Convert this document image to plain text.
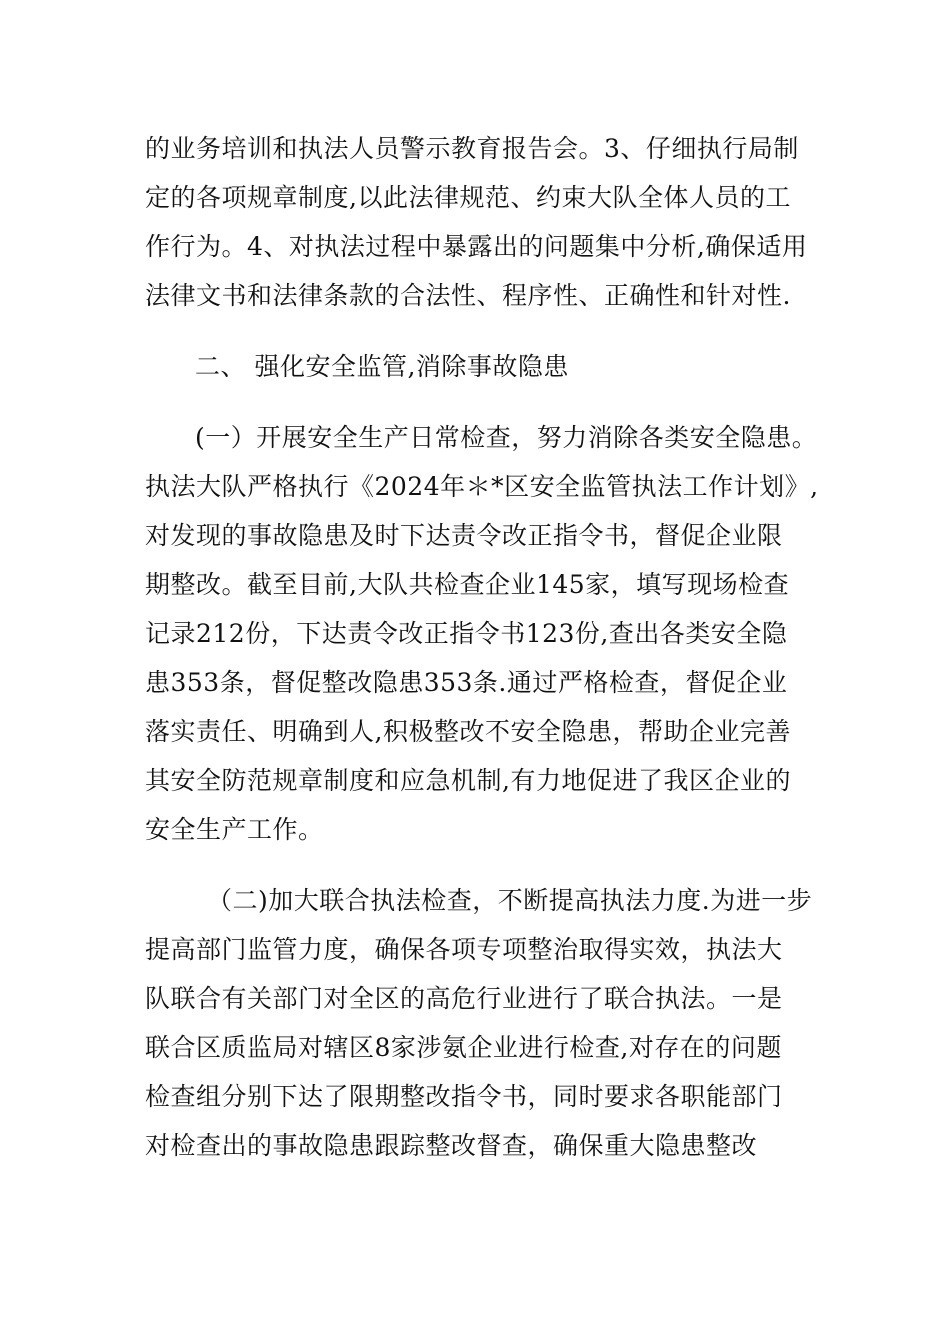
的业务培训和执法人员警示教育报告会。3、仔细执行局制
定的各项规章制度,以此法律规范、约束大队全体人员的工
作行为。4、对执法过程中暴露出的问题集中分析,确保适用
法律文书和法律条款的合法性、程序性、正确性和针对性.
二、 强化安全监管,消除事故隐患
(一）开展安全生产日常检查，努力消除各类安全隐患。
执法大队严格执行《2024年＊*区安全监管执法工作计划》,
对发现的事故隐患及时下达责令改正指令书，督促企业限
期整改。截至目前,大队共检查企业145家，填写现场检查
记录212份，下达责令改正指令书123份,查出各类安全隐
患353条，督促整改隐患353条.通过严格检查，督促企业
落实责任、明确到人,积极整改不安全隐患，帮助企业完善
其安全防范规章制度和应急机制,有力地促进了我区企业的
安全生产工作。
（二)加大联合执法检查，不断提高执法力度.为进一步
提高部门监管力度，确保各项专项整治取得实效，执法大
队联合有关部门对全区的高危行业进行了联合执法。一是
联合区质监局对辖区8家涉氨企业进行检查,对存在的问题
检查组分别下达了限期整改指令书，同时要求各职能部门
对检查出的事故隐患跟踪整改督查，确保重大隐患整改
